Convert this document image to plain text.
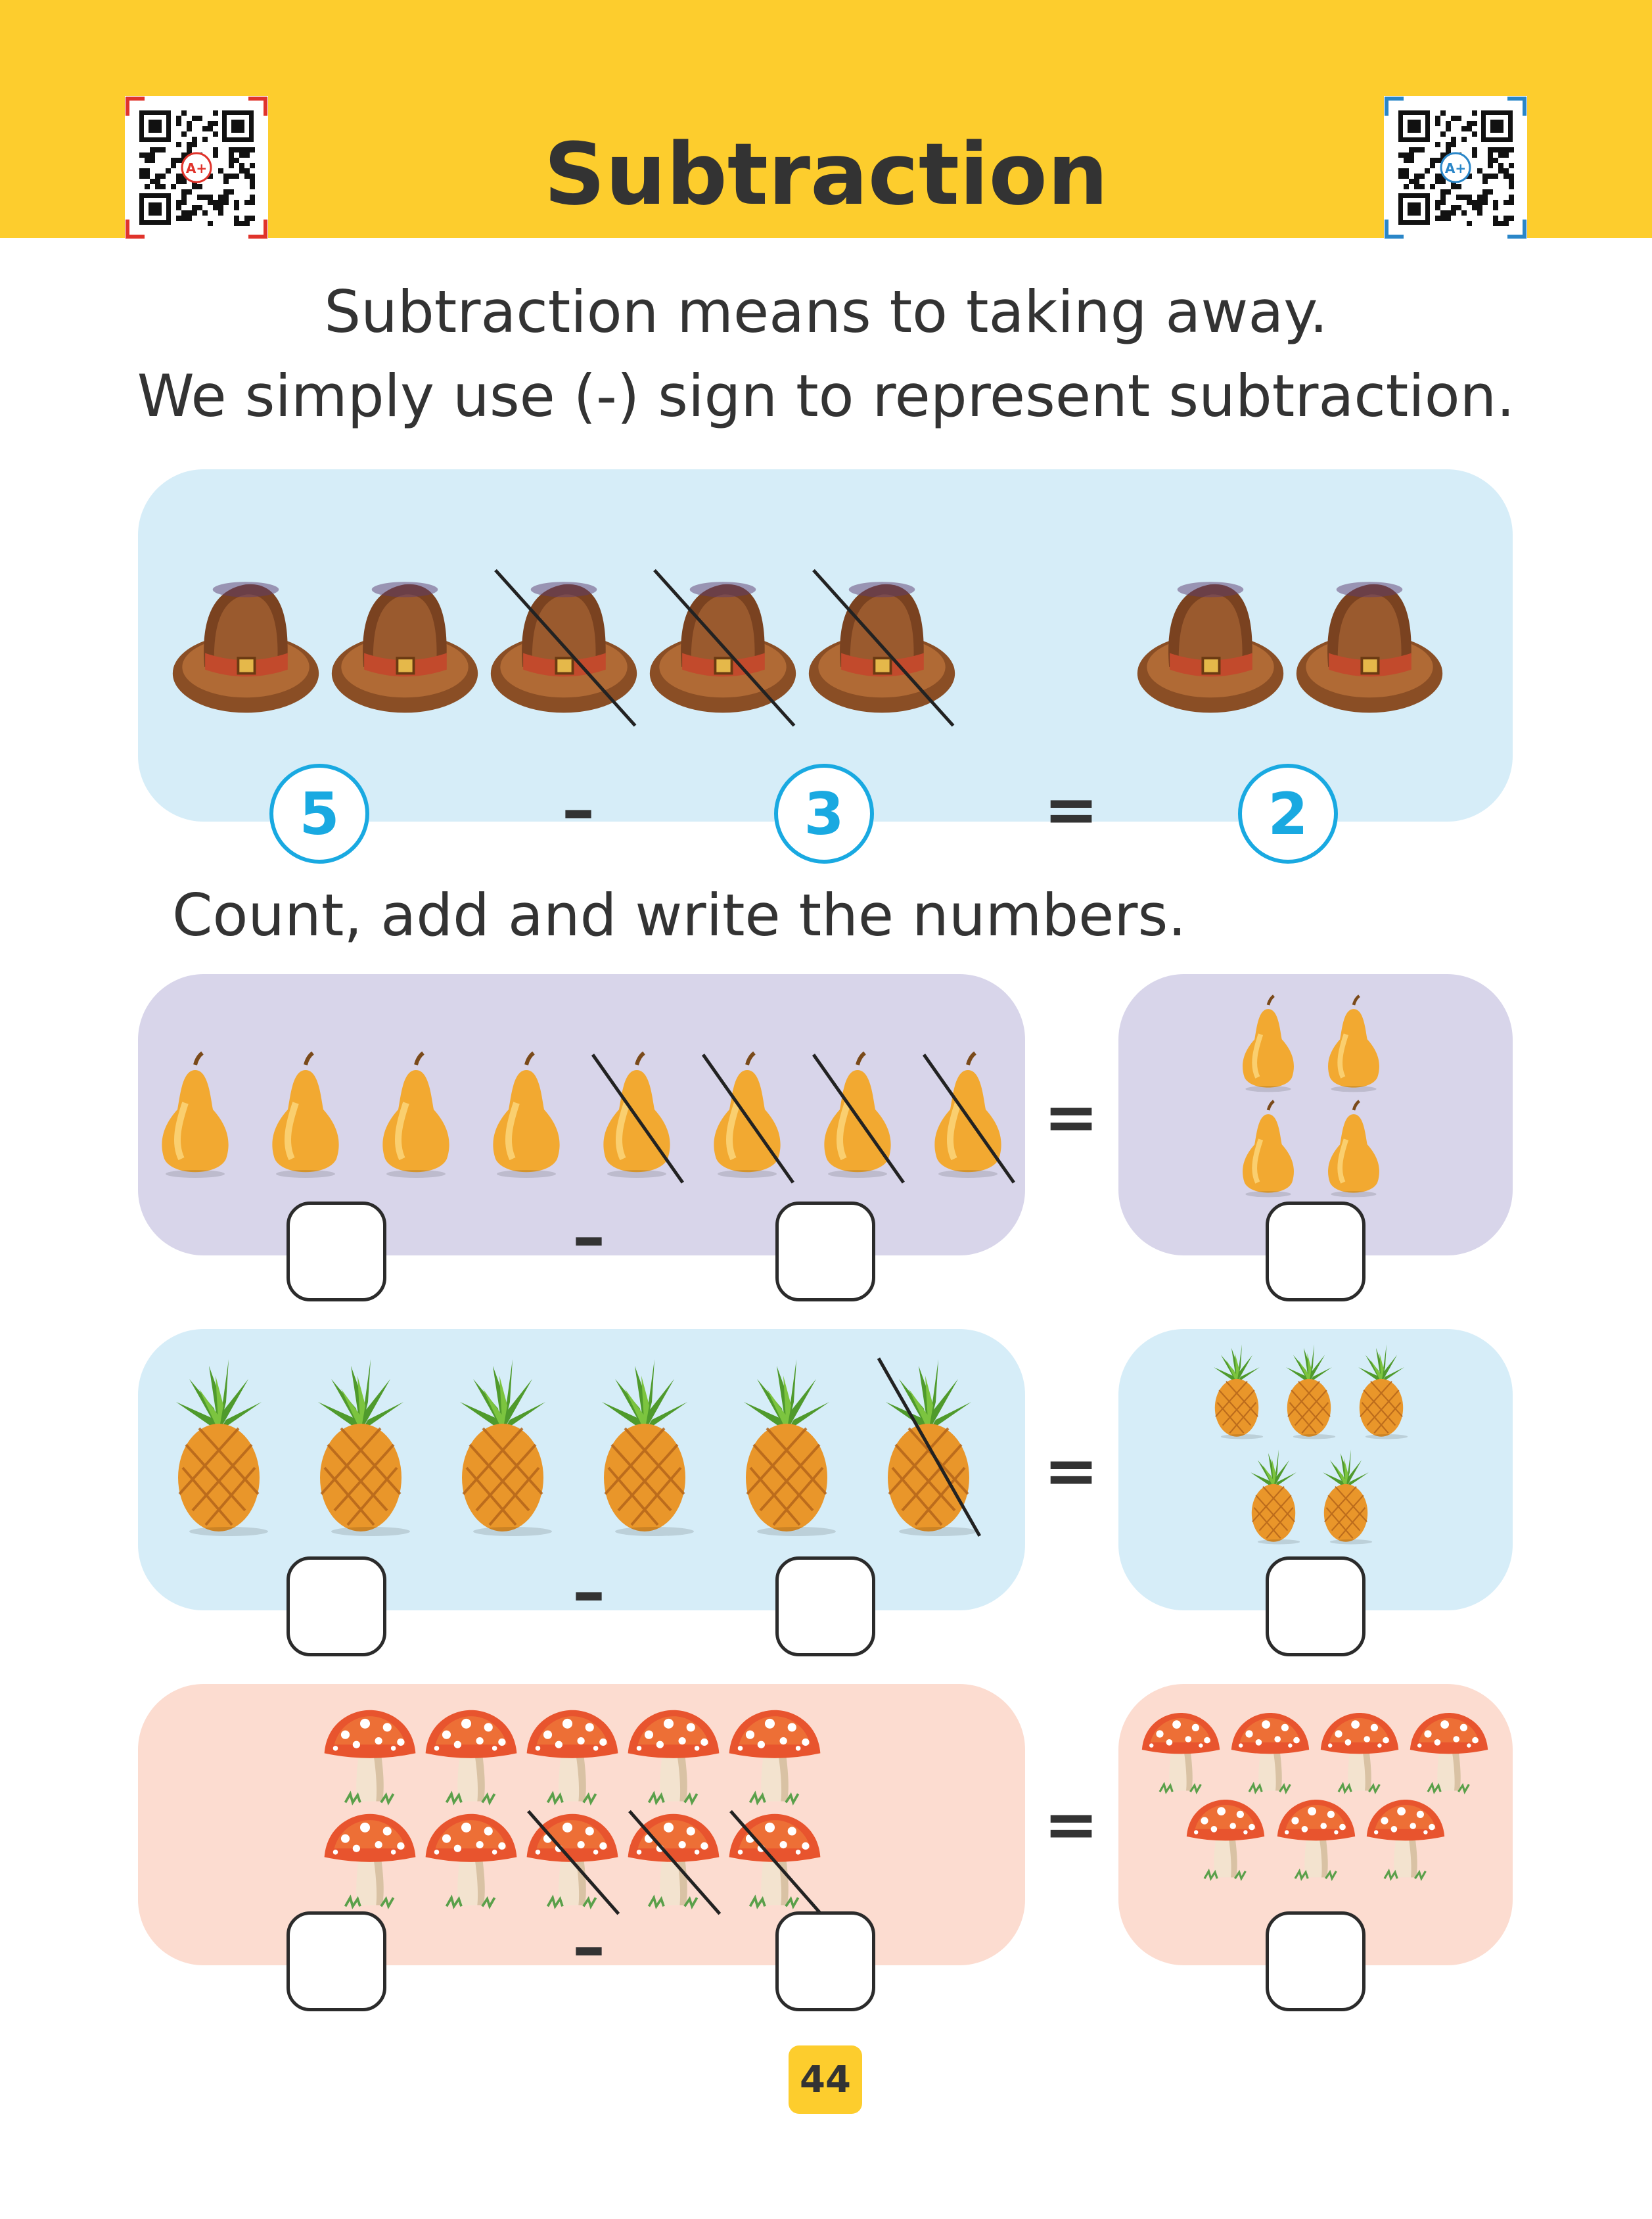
A+	A+
Subtraction
Subtraction means to taking away.
We simply use (-) sign to represent subtraction.
5	–	3	=	2
Count, add and write the numbers.
–
=
–
=
–
=
44
